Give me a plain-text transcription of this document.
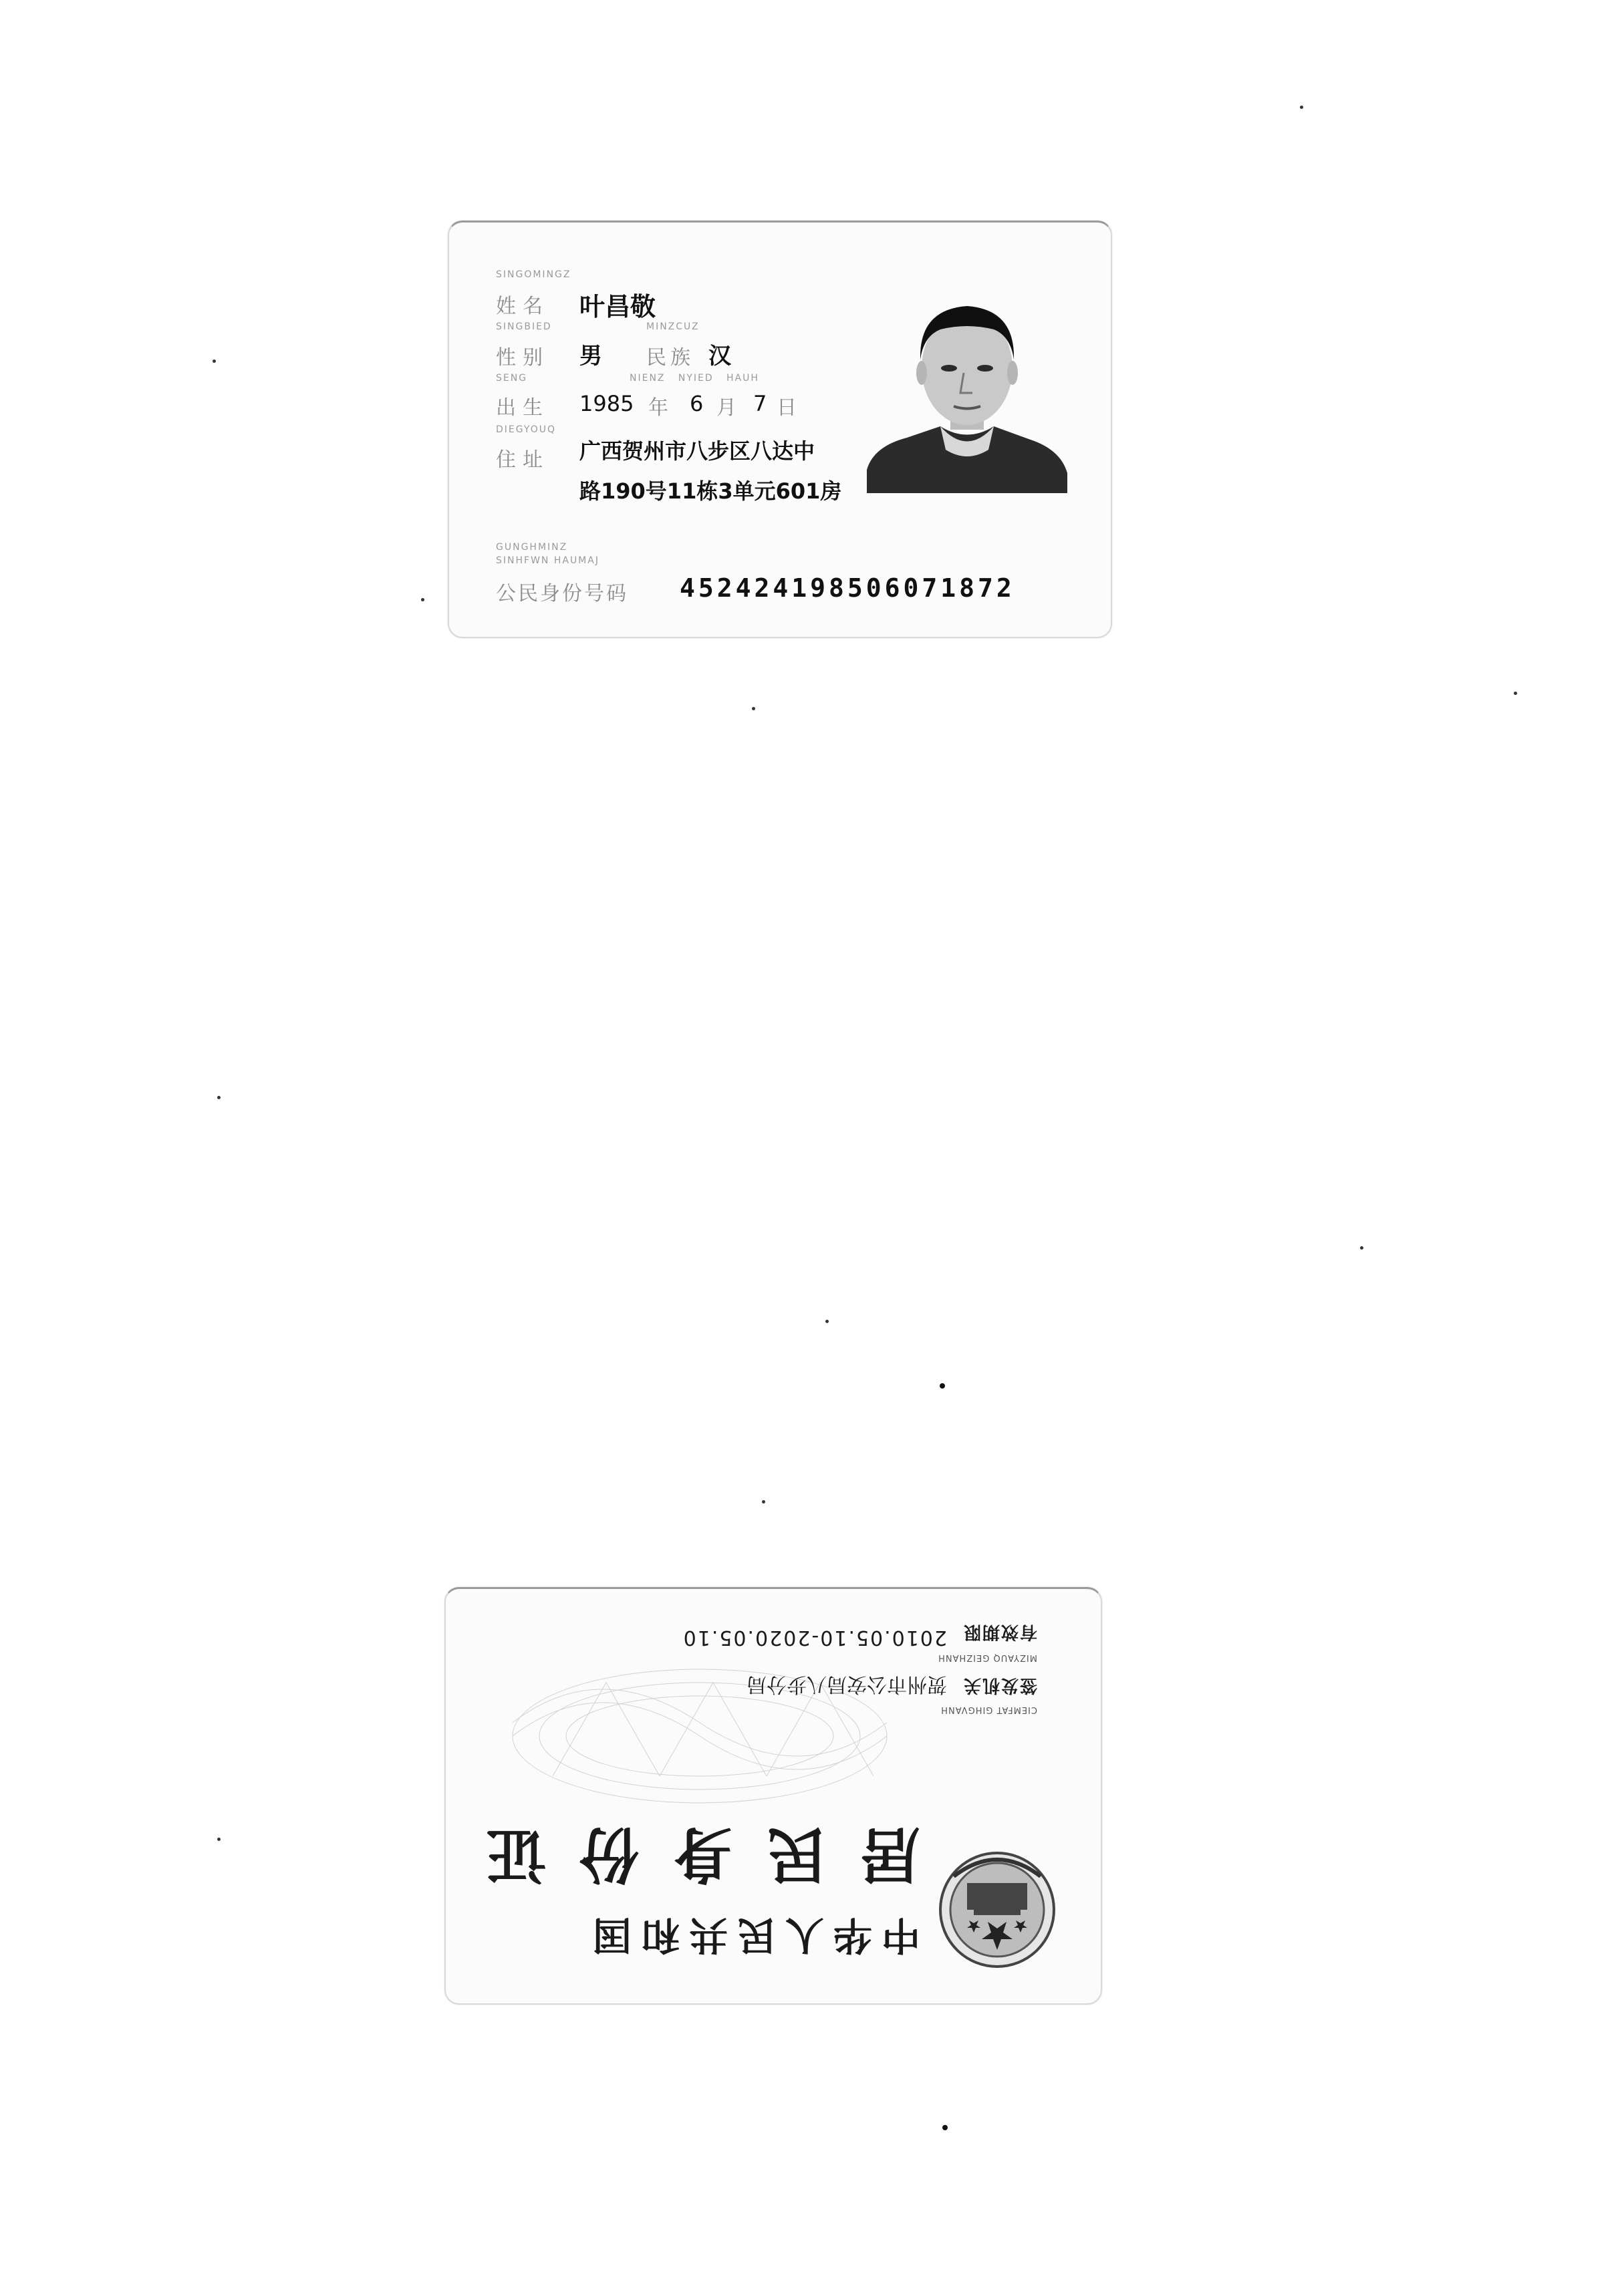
SINGOMINGZ
姓名 叶昌敬
SINGBIED	MINZCUZ
性别 男 民族 汉
SENG	NIENZ   NYIED   HAUH
出生 1985 年 6 月 7 日
DIEGYOUQ
住址 广西贺州市八步区八达中
路190号11栋3单元601房
GUNGHMINZ
SINHFWN HAUMAJ
公民身份号码 452424198506071872
中华人民共和国
居民身份证
CIEMFAT GIHGVANH
签发机关
贺州市公安局八步分局
MIZYAUQ GEIZHANH
有效期限
2010.05.10-2020.05.10
